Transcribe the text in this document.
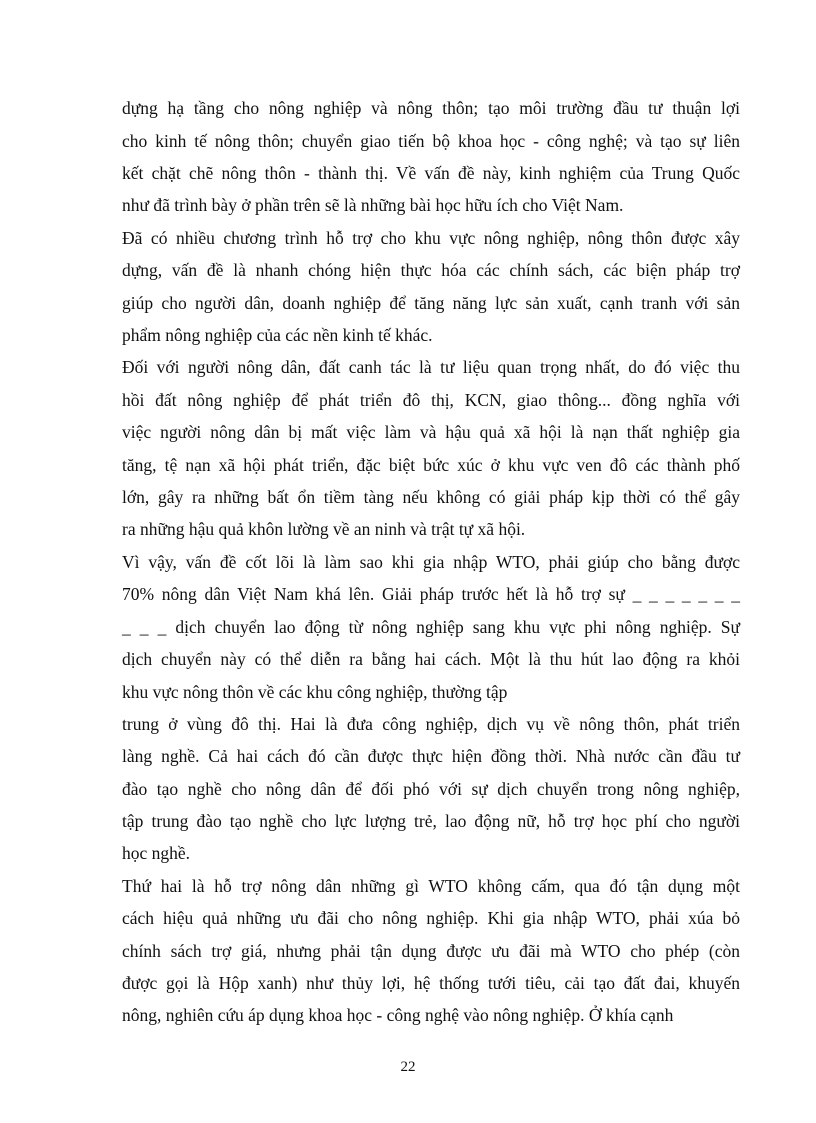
dựng hạ tầng cho nông nghiệp và nông thôn; tạo môi trường đầu tư thuận lợi
cho kinh tế nông thôn; chuyển giao tiến bộ khoa học - công nghệ; và tạo sự liên
kết chặt chẽ nông thôn - thành thị. Về vấn đề này, kinh nghiệm của Trung Quốc
như đã trình bày ở phần trên sẽ là những bài học hữu ích cho Việt Nam.
Đã có nhiều chương trình hỗ trợ cho khu vực nông nghiệp, nông thôn được xây
dựng, vấn đề là nhanh chóng hiện thực hóa các chính sách, các biện pháp trợ
giúp cho người dân, doanh nghiệp để tăng năng lực sản xuất, cạnh tranh với sản
phẩm nông nghiệp của các nền kinh tế khác.
Đối với người nông dân, đất canh tác là tư liệu quan trọng nhất, do đó việc thu
hồi đất nông nghiệp để phát triển đô thị, KCN, giao thông... đồng nghĩa với
việc người nông dân bị mất việc làm và hậu quả xã hội là nạn thất nghiệp gia
tăng, tệ nạn xã hội phát triển, đặc biệt bức xúc ở khu vực ven đô các thành phố
lớn, gây ra những bất ổn tiềm tàng nếu không có giải pháp kịp thời có thể gây
ra những hậu quả khôn lường về an ninh và trật tự xã hội.
Vì vậy, vấn đề cốt lõi là làm sao khi gia nhập WTO, phải giúp cho bằng được
70% nông dân Việt Nam khá lên. Giải pháp trước hết là hỗ trợ sự _ _ _ _ _ _ _
_ _ _ dịch chuyển lao động từ nông nghiệp sang khu vực phi nông nghiệp. Sự
dịch chuyển này có thể diễn ra bằng hai cách. Một là thu hút lao động ra khỏi
khu vực nông thôn về các khu công nghiệp, thường tập
trung ở vùng đô thị. Hai là đưa công nghiệp, dịch vụ về nông thôn, phát triển
làng nghề. Cả hai cách đó cần được thực hiện đồng thời. Nhà nước cần đầu tư
đào tạo nghề cho nông dân để đối phó với sự dịch chuyển trong nông nghiệp,
tập trung đào tạo nghề cho lực lượng trẻ, lao động nữ, hỗ trợ học phí cho người
học nghề.
Thứ hai là hỗ trợ nông dân những gì WTO không cấm, qua đó tận dụng một
cách hiệu quả những ưu đãi cho nông nghiệp. Khi gia nhập WTO, phải xúa bỏ
chính sách trợ giá, nhưng phải tận dụng được ưu đãi mà WTO cho phép (còn
được gọi là Hộp xanh) như thủy lợi, hệ thống tưới tiêu, cải tạo đất đai, khuyến
nông, nghiên cứu áp dụng khoa học - công nghệ vào nông nghiệp. Ở khía cạnh
22
